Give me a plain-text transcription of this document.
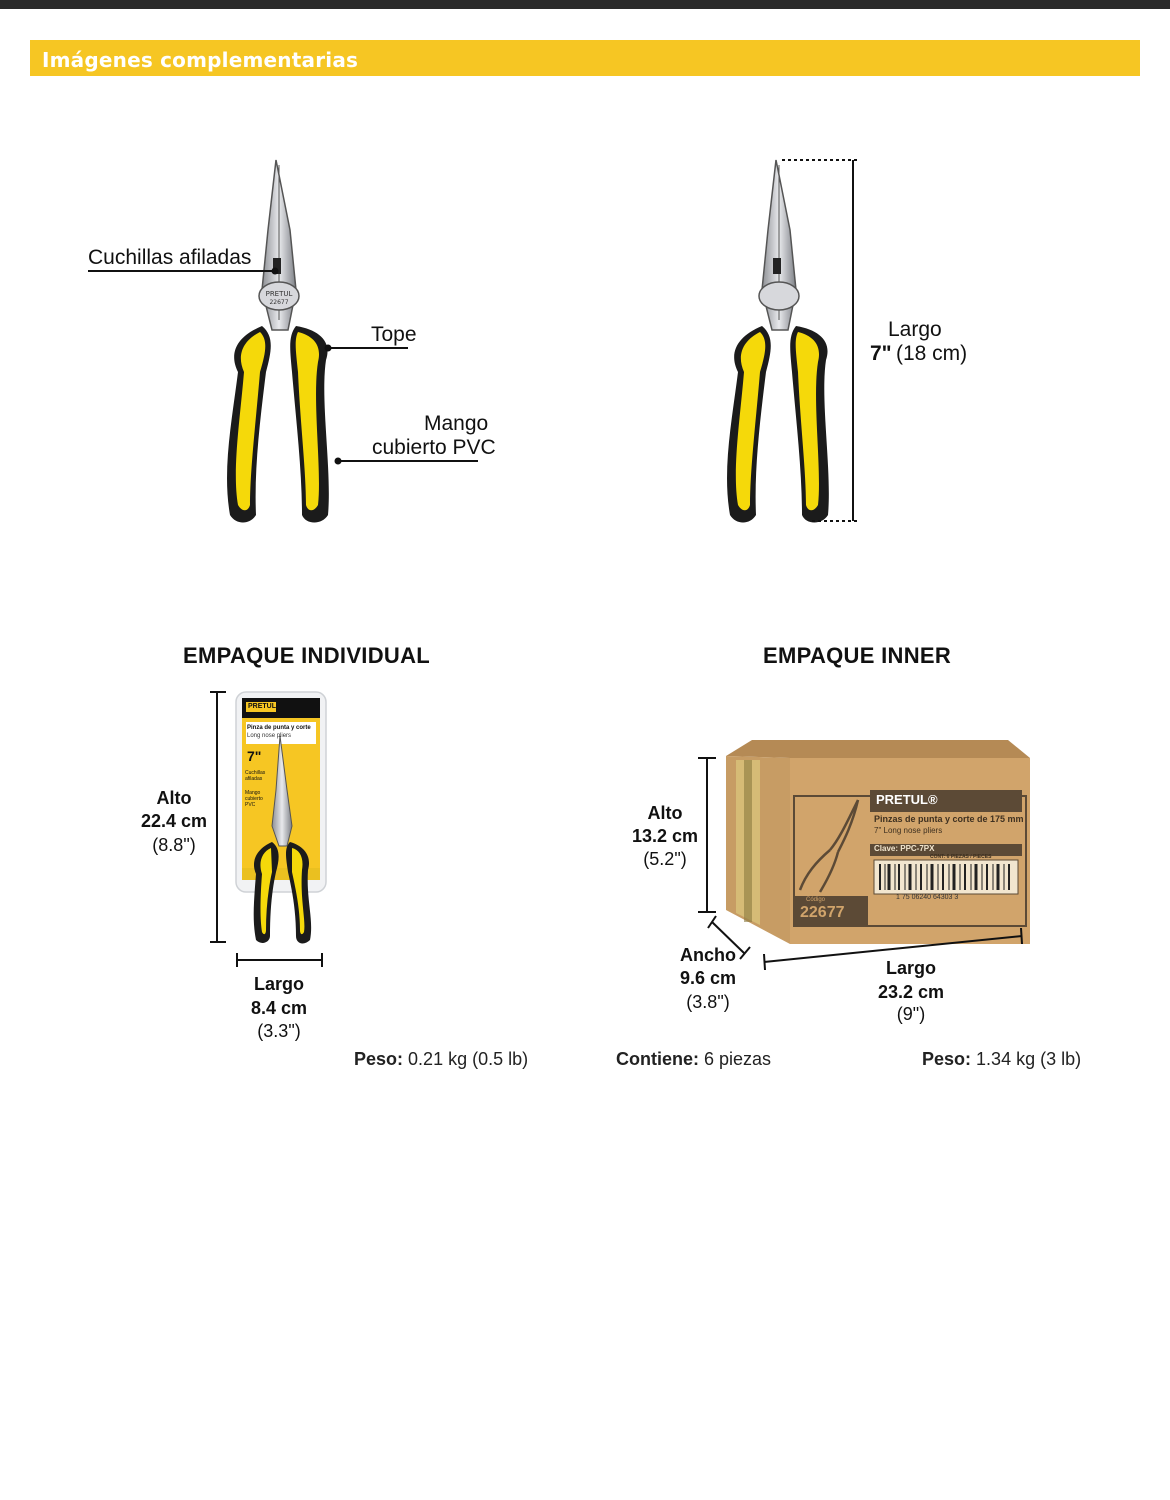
Imágenes complementarias
PRETUL
22677
Cuchillas afiladas
Tope
Mango
cubierto PVC
Largo
7" (18 cm)
EMPAQUE INDIVIDUAL
PRETUL
Pinza de punta y corte
Long nose pliers
7"
Cuchillas afiladas
Mango cubierto PVC
Alto
22.4 cm
(8.8")
Largo
8.4 cm
(3.3")
Peso: 0.21 kg (0.5 lb)
EMPAQUE INNER
PRETUL®
Pinzas de punta y corte de 175 mm
7" Long nose pliers
Clave: PPC-7PX
CONT: 6 PIEZAS / PIECES
Código
22677
1 75 06240 64303 3
Alto
13.2 cm
(5.2")
Ancho
9.6 cm
(3.8")
Largo
23.2 cm
(9")
Contiene: 6 piezas	Peso: 1.34 kg (3 lb)
